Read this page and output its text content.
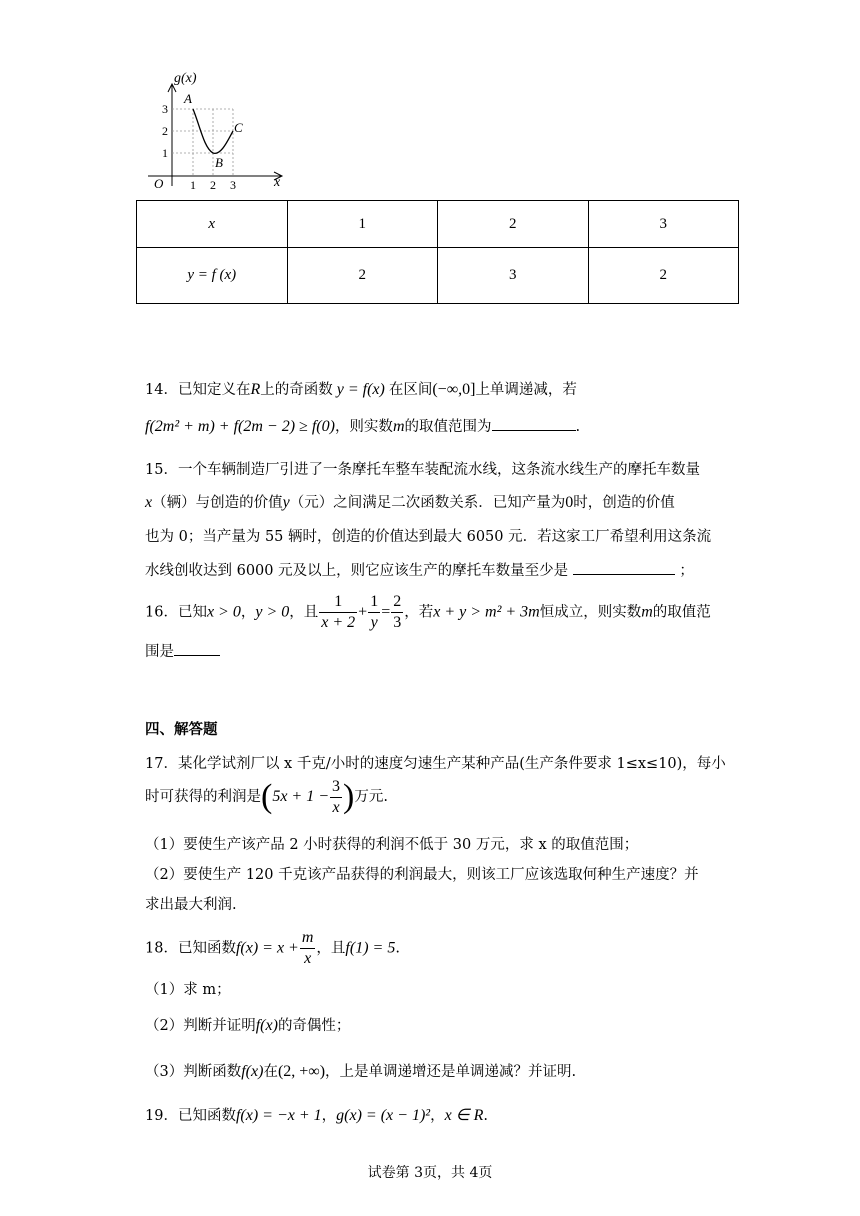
g(x)
O	x
1 2 3
1
2
3
A
B
C
x	1	2	3
y = f (x)	2	3	2
14．已知定义在R上的奇函数 y = f(x) 在区间(−∞,0]上单调递减，若
f(2m² + m) + f(2m − 2) ≥ f(0)，则实数m的取值范围为	.
15．一个车辆制造厂引进了一条摩托车整车装配流水线，这条流水线生产的摩托车数量
x（辆）与创造的价值y（元）之间满足二次函数关系．已知产量为0时，创造的价值
也为 0；当产量为 55 辆时，创造的价值达到最大 6050 元．若这家工厂希望利用这条流
水线创收达到 6000 元及以上，则它应该生产的摩托车数量至少是	；
16．已知x > 0，y > 0，且 $\frac{1}{x + 2} + \frac{1}{y} = \frac{2}{3}$ ，若x + y > m² + 3m恒成立，则实数m的取值范
围是
四、解答题
17．某化学试剂厂以 x 千克/小时的速度匀速生产某种产品(生产条件要求 1≤x≤10)，每小
时可获得的利润是($5x + 1 - \frac{3}{x}$ )万元.
（1）要使生产该产品 2 小时获得的利润不低于 30 万元，求 x 的取值范围；
（2）要使生产 120 千克该产品获得的利润最大，则该工厂应该选取何种生产速度？并
求出最大利润.
18．已知函数$f(x) = x + \frac{m}{x}$ ，且f(1) = 5.
（1）求 m；
（2）判断并证明f(x)的奇偶性；
（3）判断函数f(x)在(2, +∞)，上是单调递增还是单调递减？并证明.
19．已知函数f(x) = −x + 1，g(x) = (x − 1)²，x ∈ R.
试卷第 3页，共 4页
